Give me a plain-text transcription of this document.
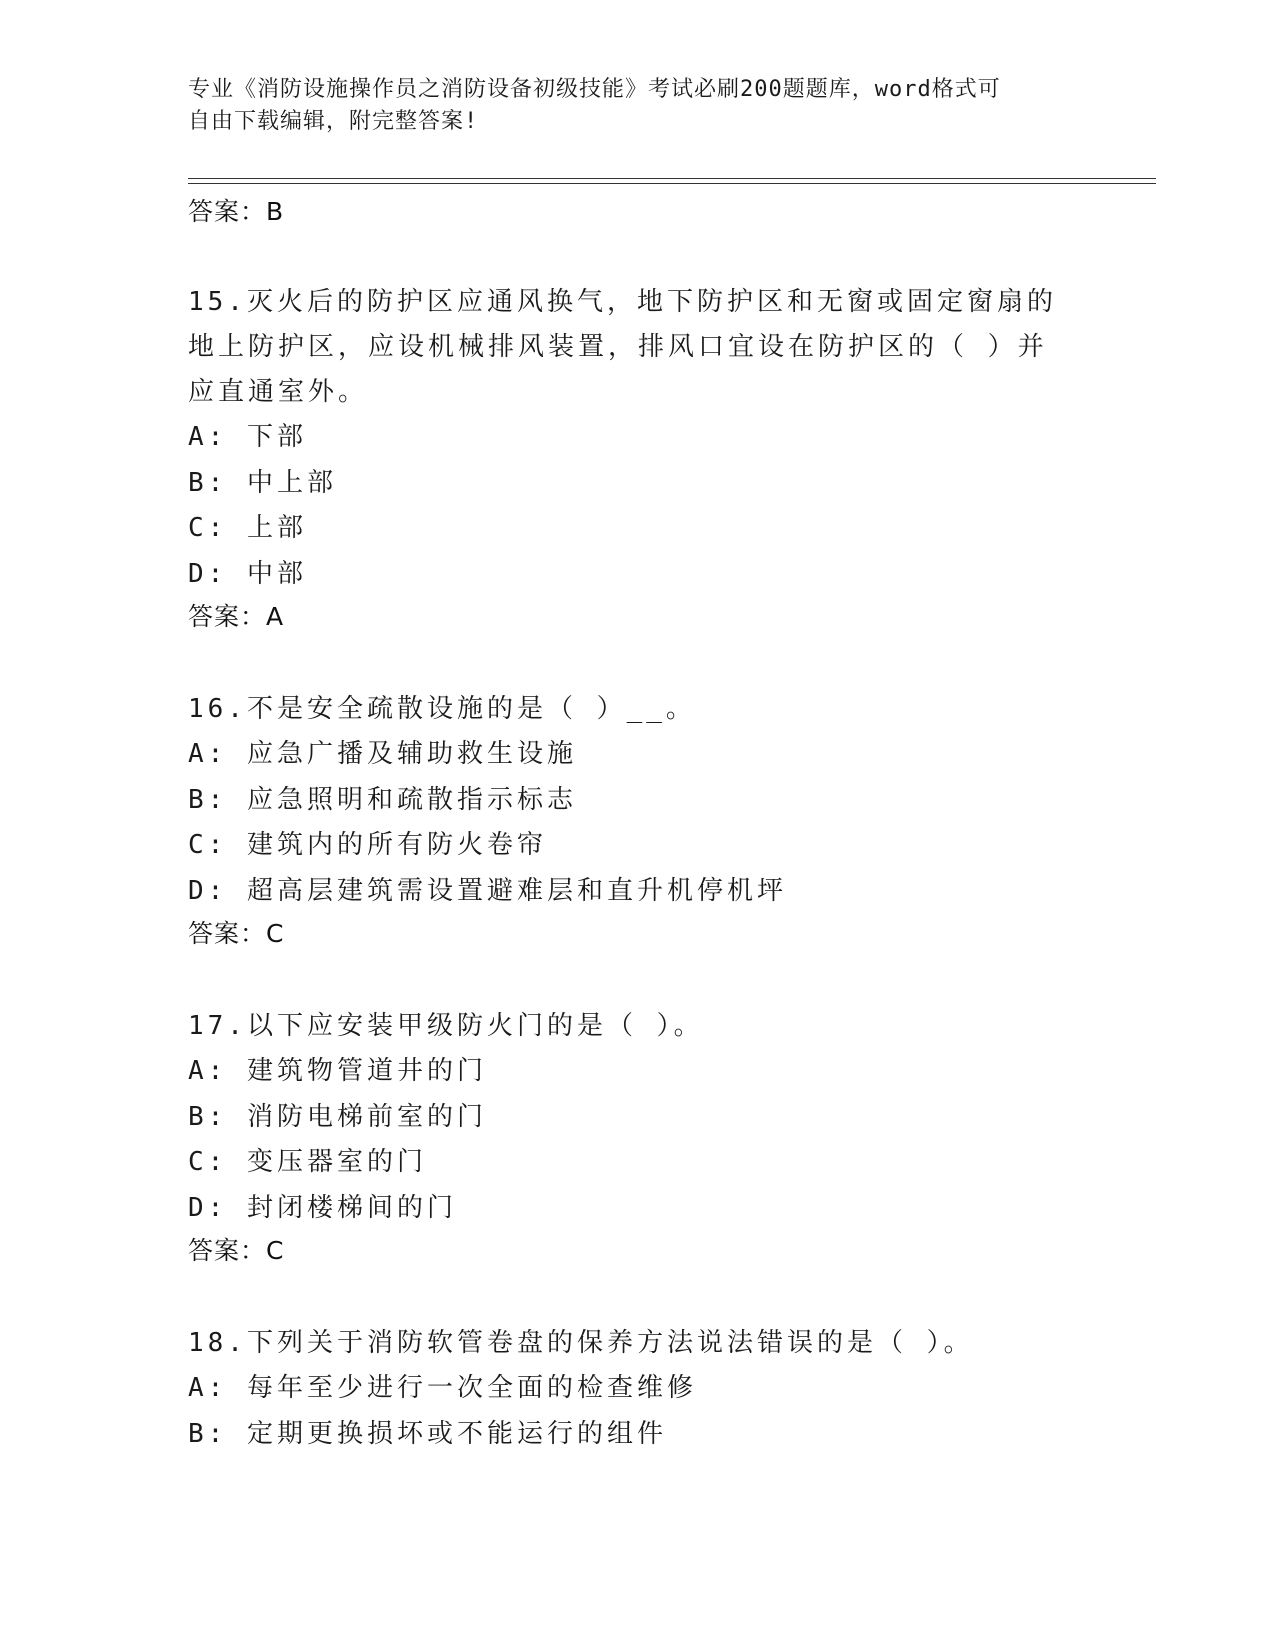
专业《消防设施操作员之消防设备初级技能》考试必刷200题题库，word格式可
自由下载编辑，附完整答案!
答案：B
15.灭火后的防护区应通风换气，地下防护区和无窗或固定窗扇的地上防护区，应设机械排风装置，排风口宜设在防护区的（ ）并应直通室外。
A: 下部
B: 中上部
C: 上部
D: 中部
答案：A
16.不是安全疏散设施的是（ ）__。
A: 应急广播及辅助救生设施
B: 应急照明和疏散指示标志
C: 建筑内的所有防火卷帘
D: 超高层建筑需设置避难层和直升机停机坪
答案：C
17.以下应安装甲级防火门的是（ ）。
A: 建筑物管道井的门
B: 消防电梯前室的门
C: 变压器室的门
D: 封闭楼梯间的门
答案：C
18.下列关于消防软管卷盘的保养方法说法错误的是（ ）。
A: 每年至少进行一次全面的检查维修
B: 定期更换损坏或不能运行的组件
